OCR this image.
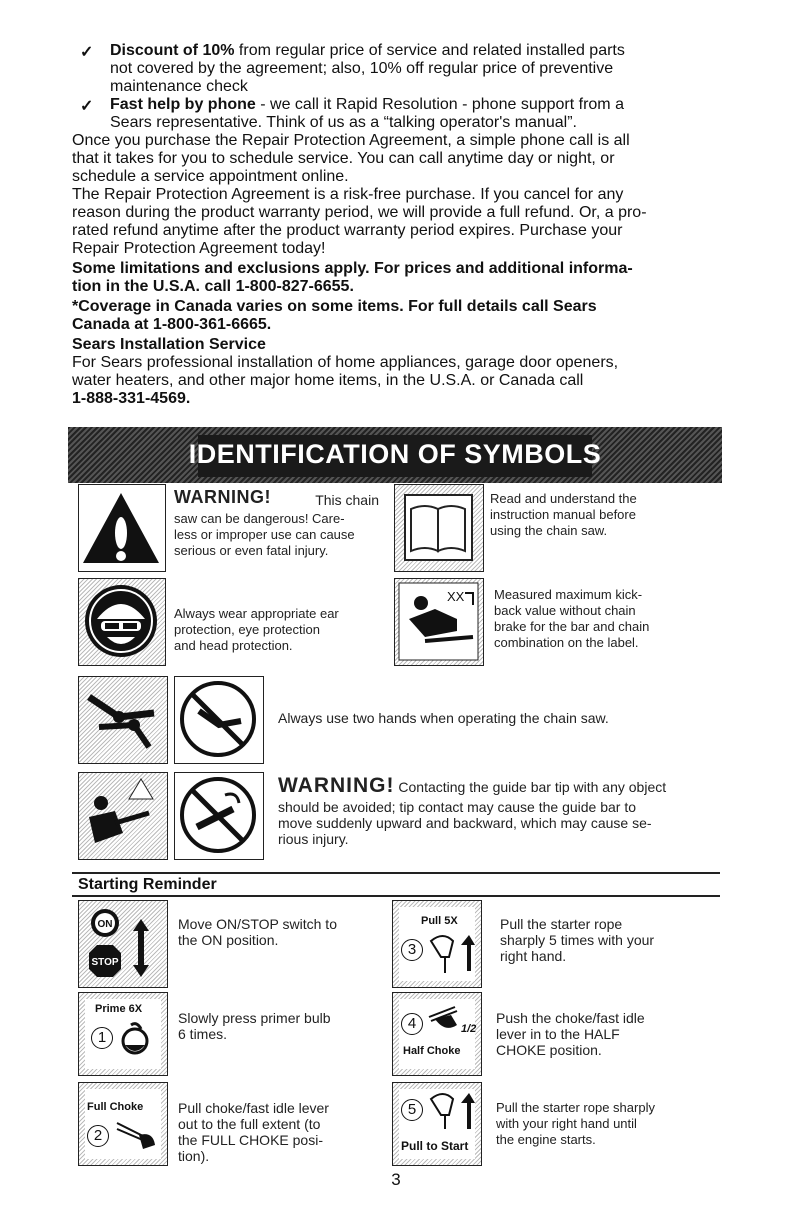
✓ Discount of 10% from regular price of service and related installed parts
not covered by the agreement; also, 10% off regular price of preventive
maintenance check
✓ Fast help by phone - we call it Rapid Resolution - phone support from a
Sears representative. Think of us as a “talking operator's manual”.
Once you purchase the Repair Protection Agreement, a simple phone call is all
that it takes for you to schedule service. You can call anytime day or night, or
schedule a service appointment online.
The Repair Protection Agreement is a risk-free purchase. If you cancel for any
reason during the product warranty period, we will provide a full refund. Or, a pro-
rated refund anytime after the product warranty period expires. Purchase your
Repair Protection Agreement today!
Some limitations and exclusions apply. For prices and additional informa-
tion in the U.S.A. call 1-800-827-6655.
*Coverage in Canada varies on some items. For full details call Sears
Canada at 1-800-361-6665.
Sears Installation Service
For Sears professional installation of home appliances, garage door openers,
water heaters, and other major home items, in the U.S.A. or Canada call
1-888-331-4569.
IDENTIFICATION OF SYMBOLS
WARNING!	This chain
saw can be dangerous! Care-
less or improper use can cause
serious or even fatal injury.
Read and understand the
instruction manual before
using the chain saw.
Always wear appropriate ear
protection, eye protection
and head protection.
XX Measured maximum kick-
back value without chain
brake for the bar and chain
combination on the label.
Always use two hands when operating the chain saw.
WARNING! Contacting the guide bar tip with any object
should be avoided; tip contact may cause the guide bar to
move suddenly upward and backward, which may cause se-
rious injury.
Starting Reminder
ON
STOP
Move ON/STOP switch to
the ON position.
Prime 6X
1
Slowly press primer bulb
6 times.
Full Choke
2
Pull choke/fast idle lever
out to the full extent (to
the FULL CHOKE posi-
tion).
Pull 5X
3
Pull the starter rope
sharply 5 times with your
right hand.
4	1/2
Half Choke
Push the choke/fast idle
lever in to the HALF
CHOKE position.
5
Pull to Start
Pull the starter rope sharply
with your right hand until
the engine starts.
3
